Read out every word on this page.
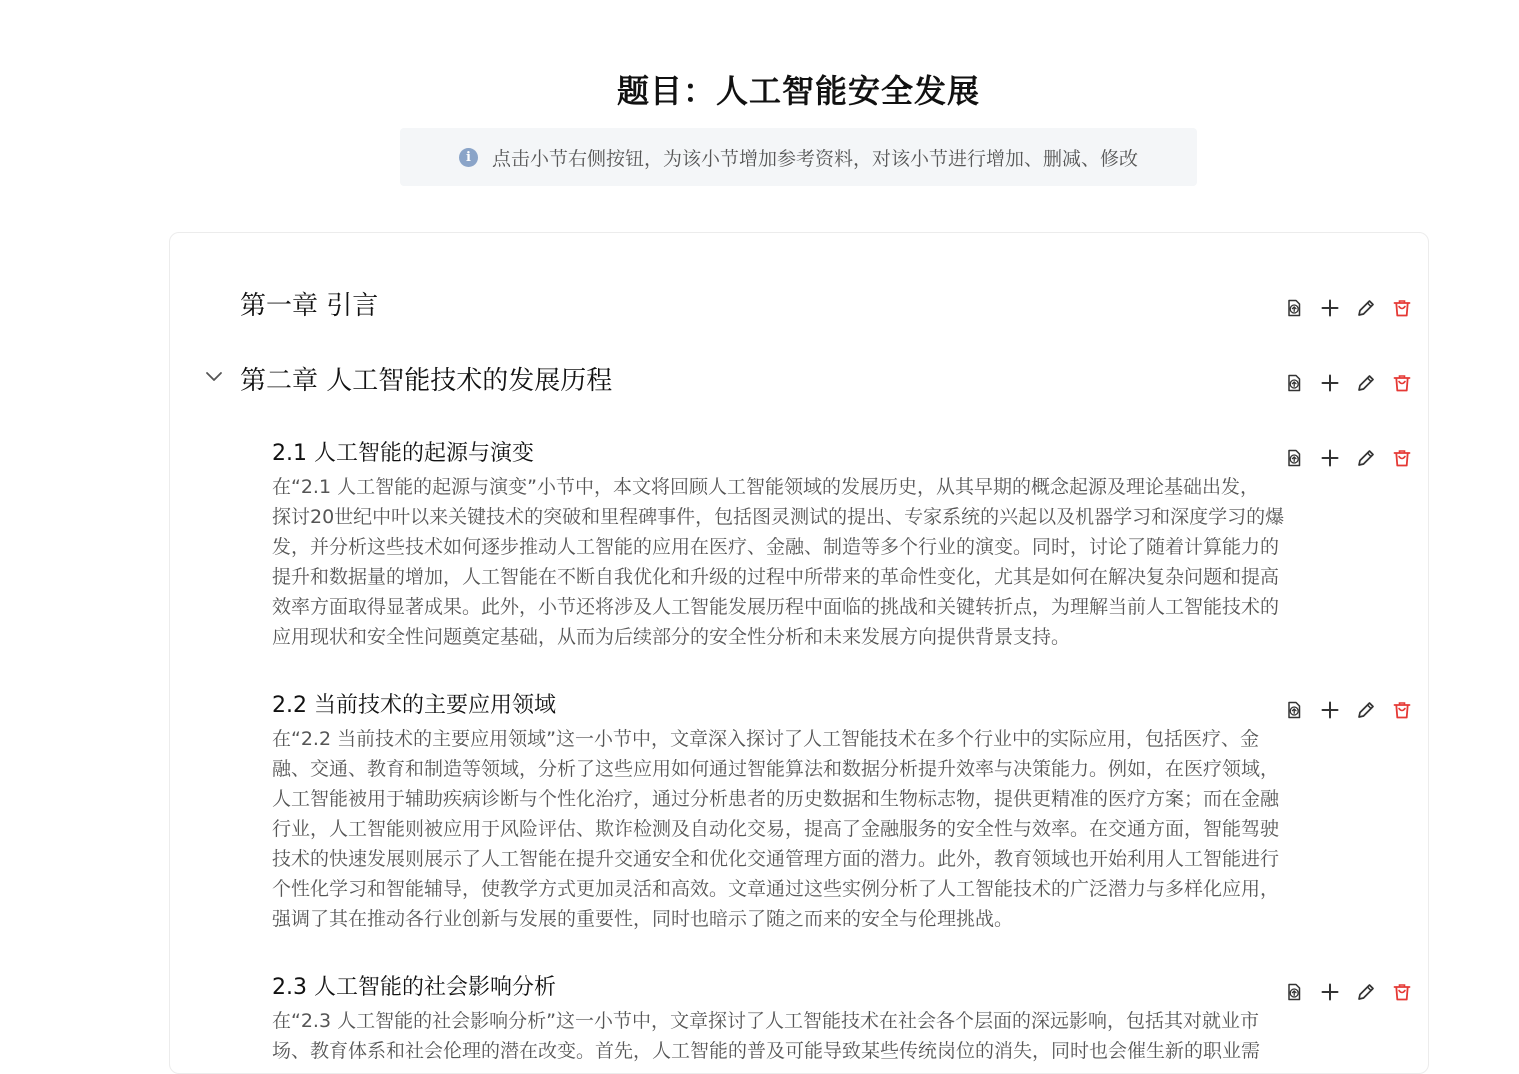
题目：人工智能安全发展
i	点击小节右侧按钮，为该小节增加参考资料，对该小节进行增加、删减、修改
第一章 引言
第二章 人工智能技术的发展历程
2.1 人工智能的起源与演变
在“2.1 人工智能的起源与演变”小节中，本文将回顾人工智能领域的发展历史，从其早期的概念起源及理论基础出发，
探讨20世纪中叶以来关键技术的突破和里程碑事件，包括图灵测试的提出、专家系统的兴起以及机器学习和深度学习的爆
发，并分析这些技术如何逐步推动人工智能的应用在医疗、金融、制造等多个行业的演变。同时，讨论了随着计算能力的
提升和数据量的增加，人工智能在不断自我优化和升级的过程中所带来的革命性变化，尤其是如何在解决复杂问题和提高
效率方面取得显著成果。此外，小节还将涉及人工智能发展历程中面临的挑战和关键转折点，为理解当前人工智能技术的
应用现状和安全性问题奠定基础，从而为后续部分的安全性分析和未来发展方向提供背景支持。
2.2 当前技术的主要应用领域
在“2.2 当前技术的主要应用领域”这一小节中，文章深入探讨了人工智能技术在多个行业中的实际应用，包括医疗、金
融、交通、教育和制造等领域，分析了这些应用如何通过智能算法和数据分析提升效率与决策能力。例如，在医疗领域，
人工智能被用于辅助疾病诊断与个性化治疗，通过分析患者的历史数据和生物标志物，提供更精准的医疗方案；而在金融
行业，人工智能则被应用于风险评估、欺诈检测及自动化交易，提高了金融服务的安全性与效率。在交通方面，智能驾驶
技术的快速发展则展示了人工智能在提升交通安全和优化交通管理方面的潜力。此外，教育领域也开始利用人工智能进行
个性化学习和智能辅导，使教学方式更加灵活和高效。文章通过这些实例分析了人工智能技术的广泛潜力与多样化应用，
强调了其在推动各行业创新与发展的重要性，同时也暗示了随之而来的安全与伦理挑战。
2.3 人工智能的社会影响分析
在“2.3 人工智能的社会影响分析”这一小节中，文章探讨了人工智能技术在社会各个层面的深远影响，包括其对就业市
场、教育体系和社会伦理的潜在改变。首先，人工智能的普及可能导致某些传统岗位的消失，同时也会催生新的职业需
